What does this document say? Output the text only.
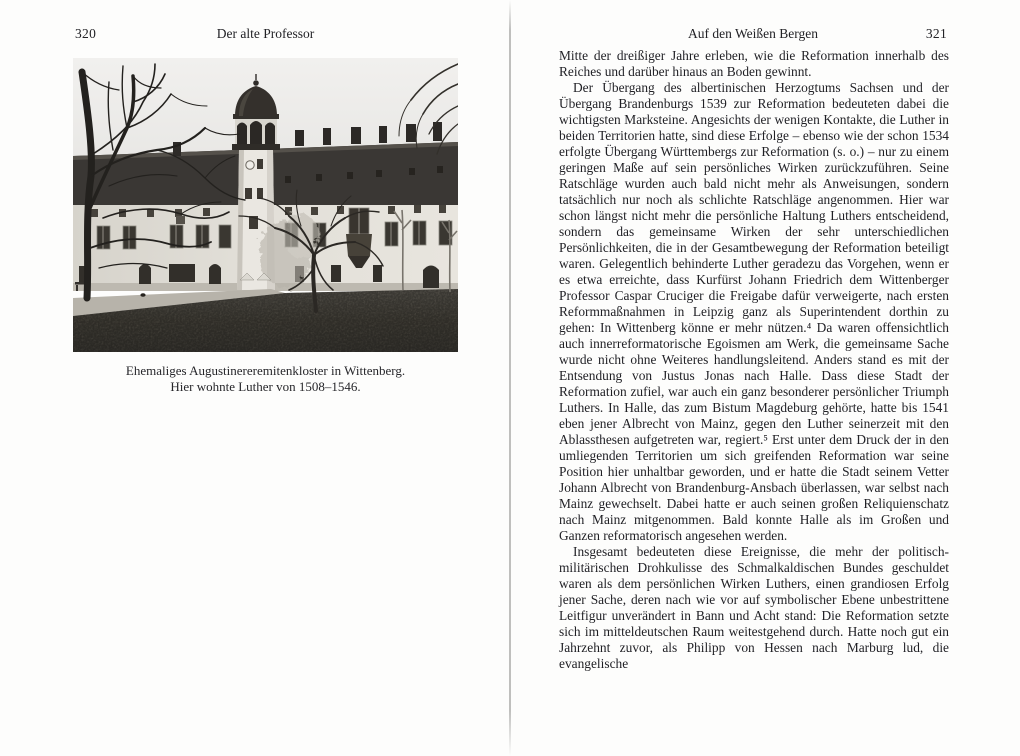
320	Der alte Professor
Ehemaliges Augustinereremitenkloster in Wittenberg.
Hier wohnte Luther von 1508–1546.
Auf den Weißen Bergen	321

Mitte der dreißiger Jahre erleben, wie die Reformation innerhalb des Reiches und darüber hinaus an Boden gewinnt.

Der Übergang des albertinischen Herzogtums Sachsen und der Übergang Brandenburgs 1539 zur Reformation bedeuteten dabei die wichtigsten Marksteine. Angesichts der wenigen Kontakte, die Luther in beiden Territorien hatte, sind diese Erfolge – ebenso wie der schon 1534 erfolgte Übergang Württembergs zur Reformation (s. o.) – nur zu einem geringen Maße auf sein persönliches Wirken zurückzuführen. Seine Ratschläge wurden auch bald nicht mehr als Anweisungen, sondern tatsächlich nur noch als schlichte Ratschläge angenommen. Hier war schon längst nicht mehr die persönliche Haltung Luthers entscheidend, sondern das gemeinsame Wirken der sehr unterschiedlichen Persönlichkeiten, die in der Gesamtbewegung der Reformation beteiligt waren. Gelegentlich behinderte Luther geradezu das Vorgehen, wenn er es etwa erreichte, dass Kurfürst Johann Friedrich dem Wittenberger Professor Caspar Cruciger die Freigabe dafür verweigerte, nach ersten Reformmaßnahmen in Leipzig ganz als Superintendent dorthin zu gehen: In Wittenberg könne er mehr nützen.⁴ Da waren offensichtlich auch innerreformatorische Egoismen am Werk, die gemeinsame Sache wurde nicht ohne Weiteres handlungsleitend. Anders stand es mit der Entsendung von Justus Jonas nach Halle. Dass diese Stadt der Reformation zufiel, war auch ein ganz besonderer persönlicher Triumph Luthers. In Halle, das zum Bistum Magdeburg gehörte, hatte bis 1541 eben jener Albrecht von Mainz, gegen den Luther seinerzeit mit den Ablassthesen aufgetreten war, regiert.⁵ Erst unter dem Druck der in den umliegenden Territorien um sich greifenden Reformation war seine Position hier unhaltbar geworden, und er hatte die Stadt seinem Vetter Johann Albrecht von Brandenburg-Ansbach überlassen, war selbst nach Mainz gewechselt. Dabei hatte er auch seinen großen Reliquienschatz nach Mainz mitgenommen. Bald konnte Halle als im Großen und Ganzen reformatorisch angesehen werden.

Insgesamt bedeuteten diese Ereignisse, die mehr der politisch-militärischen Drohkulisse des Schmalkaldischen Bundes geschuldet waren als dem persönlichen Wirken Luthers, einen grandiosen Erfolg jener Sache, deren nach wie vor auf symbolischer Ebene unbestrittene Leitfigur unverändert in Bann und Acht stand: Die Reformation setzte sich im mitteldeutschen Raum weitestgehend durch. Hatte noch gut ein Jahrzehnt zuvor, als Philipp von Hessen nach Marburg lud, die evangelische
